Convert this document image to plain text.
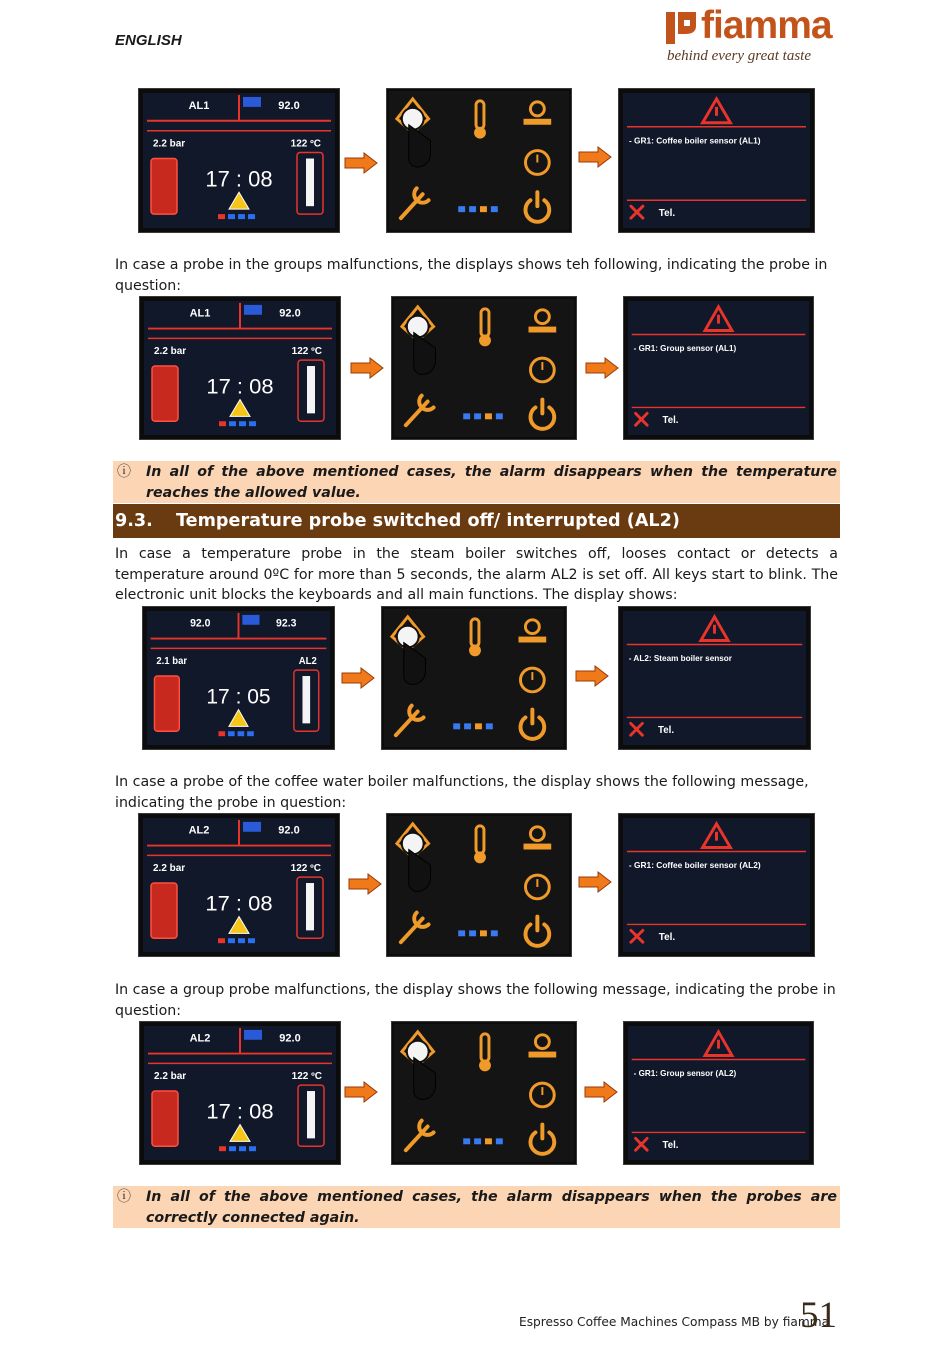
ENGLISH	fiamma
behind every great taste
AL1	92.0
2.2 bar	122 ºC
17 : 08
- GR1: Coffee boiler sensor (AL1)
Tel.
In case a probe in the groups malfunctions, the displays shows teh following, indicating the probe in question:
AL1	92.0
2.2 bar	122 ºC
17 : 08
- GR1: Group sensor (AL1)
Tel.
ⓘ In all of the above mentioned cases, the alarm disappears when the temperature reaches the allowed value.
9.3. Temperature probe switched off/ interrupted (AL2)
In case a temperature probe in the steam boiler switches off, looses contact or detects a temperature around 0ºC for more than 5 seconds, the alarm AL2 is set off. All keys start to blink. The electronic unit blocks the keyboards and all main functions. The display shows:
92.0	92.3
2.1 bar	AL2
17 : 05
- AL2: Steam boiler sensor
Tel.
In case a probe of the coffee water boiler malfunctions, the display shows the following message, indicating the probe in question:
AL2	92.0
2.2 bar	122 ºC
17 : 08
- GR1: Coffee boiler sensor (AL2)
Tel.
In case a group probe malfunctions, the display shows the following message, indicating the probe in question:
AL2	92.0
2.2 bar	122 ºC
17 : 08
- GR1: Group sensor (AL2)
Tel.
ⓘ In all of the above mentioned cases, the alarm disappears when the probes are correctly connected again.
Espresso Coffee Machines Compass MB by fiamma
51
